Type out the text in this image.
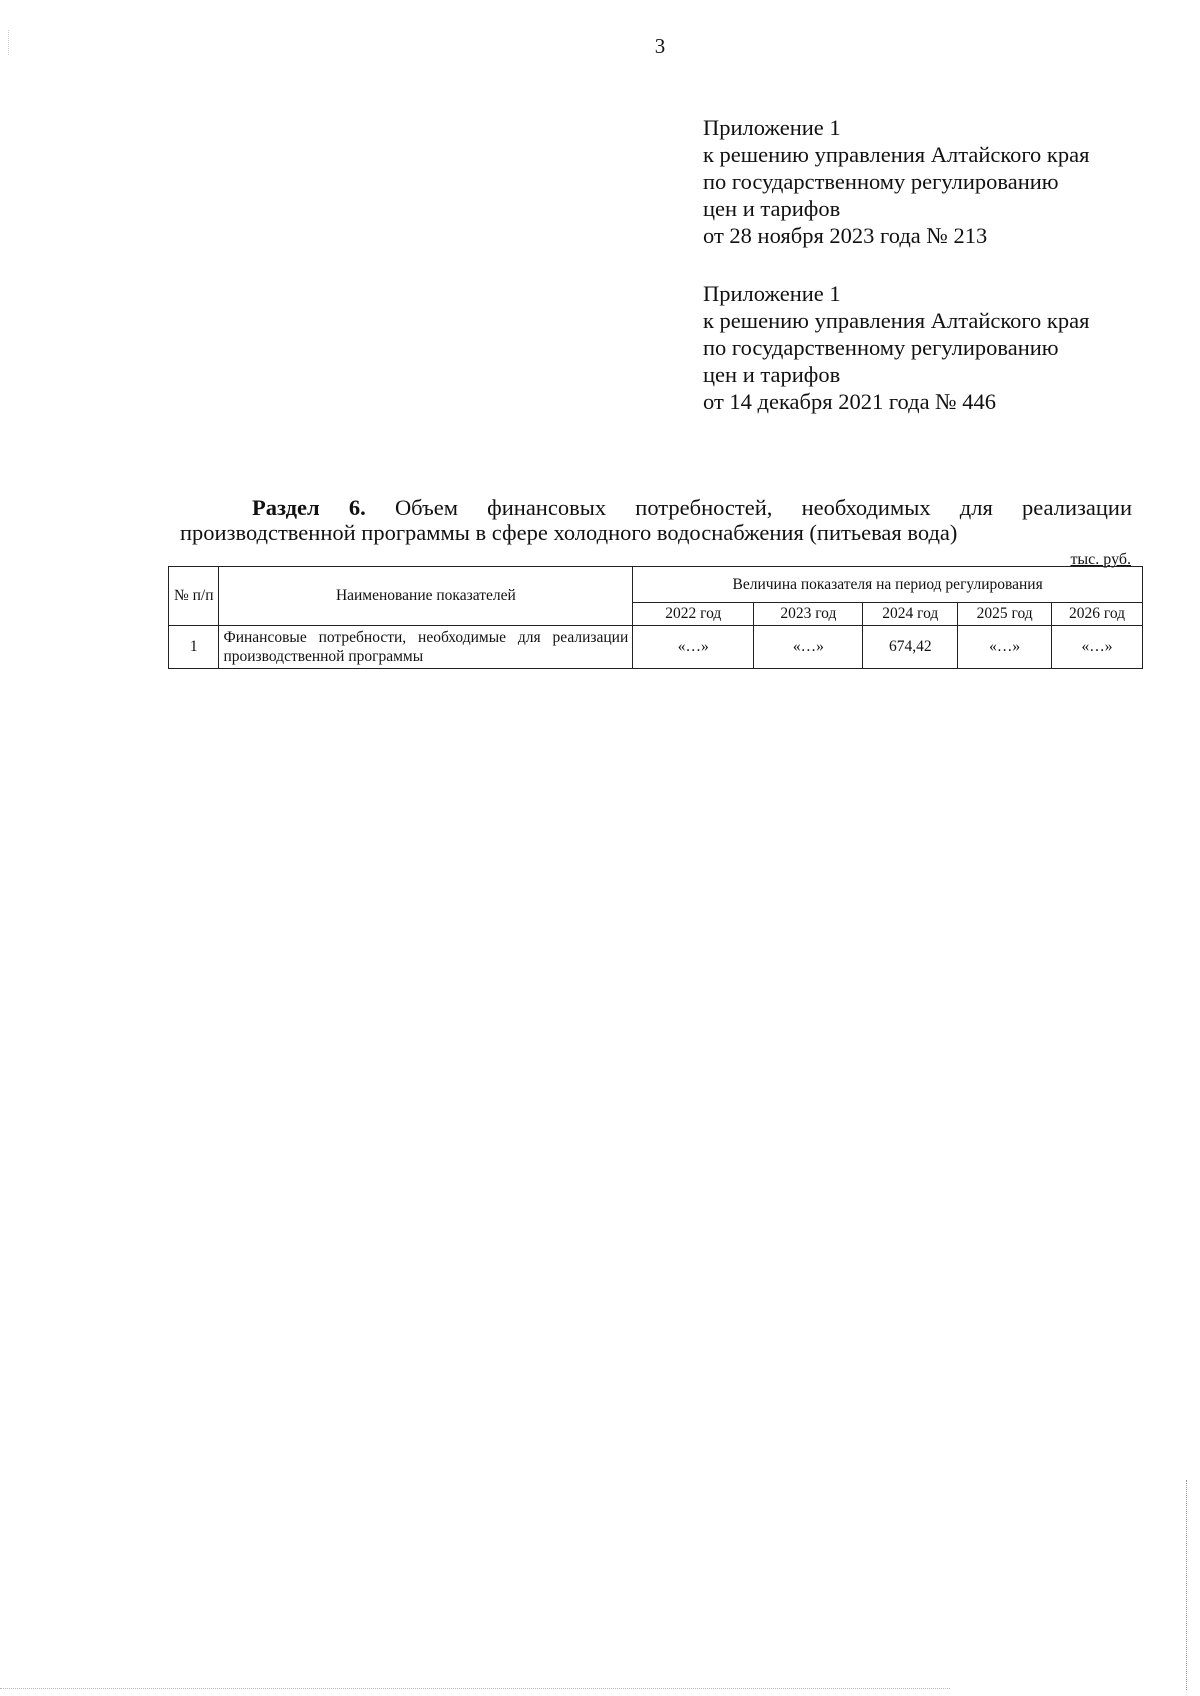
3
Приложение 1
к решению управления Алтайского края
по государственному регулированию
цен и тарифов
от 28 ноября 2023 года № 213
Приложение 1
к решению управления Алтайского края
по государственному регулированию
цен и тарифов
от 14 декабря 2021 года № 446
Раздел 6. Объем финансовых потребностей, необходимых для реализации
производственной программы в сфере холодного водоснабжения (питьевая вода)
тыс. руб.
№ п/п	Наименование показателей	Величина показателя на период регулирования				
		2022 год	2023 год	2024 год	2025 год	2026 год
1	Финансовые потребности, необходимые для реализации производственной программы	«…»	«…»	674,42	«…»	«…»
